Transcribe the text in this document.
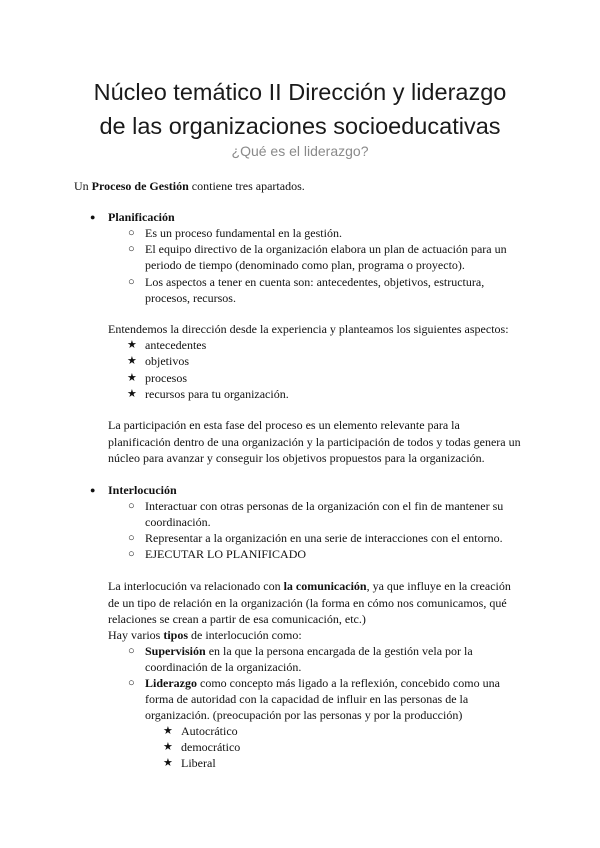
Núcleo temático II Dirección y liderazgo
de las organizaciones socioeducativas
¿Qué es el liderazgo?
Un Proceso de Gestión contiene tres apartados.
● Planificación
○ Es un proceso fundamental en la gestión.
○ El equipo directivo de la organización elabora un plan de actuación para un
periodo de tiempo (denominado como plan, programa o proyecto).
○ Los aspectos a tener en cuenta son: antecedentes, objetivos, estructura,
procesos, recursos.
Entendemos la dirección desde la experiencia y planteamos los siguientes aspectos:
★ antecedentes
★ objetivos
★ procesos
★ recursos para tu organización.
La participación en esta fase del proceso es un elemento relevante para la
planificación dentro de una organización y la participación de todos y todas genera un
núcleo para avanzar y conseguir los objetivos propuestos para la organización.
● Interlocución
○ Interactuar con otras personas de la organización con el fin de mantener su
coordinación.
○ Representar a la organización en una serie de interacciones con el entorno.
○ EJECUTAR LO PLANIFICADO
La interlocución va relacionado con la comunicación, ya que influye en la creación
de un tipo de relación en la organización (la forma en cómo nos comunicamos, qué
relaciones se crean a partir de esa comunicación, etc.)
Hay varios tipos de interlocución como:
○ Supervisión en la que la persona encargada de la gestión vela por la
coordinación de la organización.
○ Liderazgo como concepto más ligado a la reflexión, concebido como una
forma de autoridad con la capacidad de influir en las personas de la
organización. (preocupación por las personas y por la producción)
★ Autocrático
★ democrático
★ Liberal
